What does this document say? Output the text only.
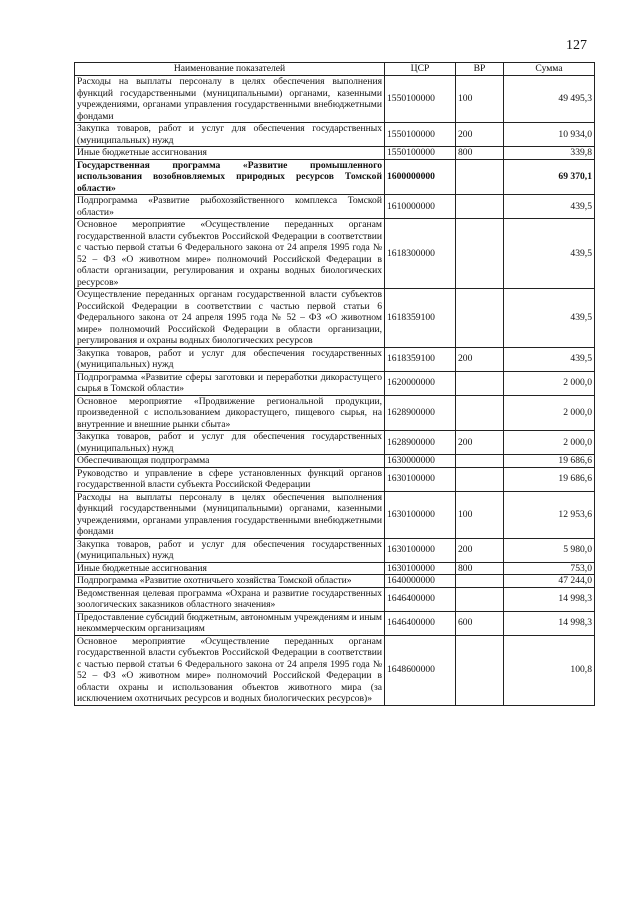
127
Наименование показателей	ЦСР	ВР	Сумма
Расходы на выплаты персоналу в целях обеспечения выполнения функций государственными (муниципальными) органами, казенными учреждениями, органами управления государственными внебюджетными фондами	1550100000	100	49 495,3
Закупка товаров, работ и услуг для обеспечения государственных (муниципальных) нужд	1550100000	200	10 934,0
Иные бюджетные ассигнования	1550100000	800	339,8
Государственная программа «Развитие промышленного использования возобновляемых природных ресурсов Томской области»	1600000000		69 370,1
Подпрограмма «Развитие рыбохозяйственного комплекса Томской области»	1610000000		439,5
Основное мероприятие «Осуществление переданных органам государственной власти субъектов Российской Федерации в соответствии с частью первой статьи 6 Федерального закона от 24 апреля 1995 года № 52 – ФЗ «О животном мире» полномочий Российской Федерации в области организации, регулирования и охраны водных биологических ресурсов»	1618300000		439,5
Осуществление переданных органам государственной власти субъектов Российской Федерации в соответствии с частью первой статьи 6 Федерального закона от 24 апреля 1995 года № 52 – ФЗ «О животном мире» полномочий Российской Федерации в области организации, регулирования и охраны водных биологических ресурсов	1618359100		439,5
Закупка товаров, работ и услуг для обеспечения государственных (муниципальных) нужд	1618359100	200	439,5
Подпрограмма «Развитие сферы заготовки и переработки дикорастущего сырья в Томской области»	1620000000		2 000,0
Основное мероприятие «Продвижение региональной продукции, произведенной с использованием дикорастущего, пищевого сырья, на внутренние и внешние рынки сбыта»	1628900000		2 000,0
Закупка товаров, работ и услуг для обеспечения государственных (муниципальных) нужд	1628900000	200	2 000,0
Обеспечивающая подпрограмма	1630000000		19 686,6
Руководство и управление в сфере установленных функций органов государственной власти субъекта Российской Федерации	1630100000		19 686,6
Расходы на выплаты персоналу в целях обеспечения выполнения функций государственными (муниципальными) органами, казенными учреждениями, органами управления государственными внебюджетными фондами	1630100000	100	12 953,6
Закупка товаров, работ и услуг для обеспечения государственных (муниципальных) нужд	1630100000	200	5 980,0
Иные бюджетные ассигнования	1630100000	800	753,0
Подпрограмма «Развитие охотничьего хозяйства Томской области»	1640000000		47 244,0
Ведомственная целевая программа «Охрана и развитие государственных зоологических заказников областного значения»	1646400000		14 998,3
Предоставление субсидий бюджетным, автономным учреждениям и иным некоммерческим организациям	1646400000	600	14 998,3
Основное мероприятие «Осуществление переданных органам государственной власти субъектов Российской Федерации в соответствии с частью первой статьи 6 Федерального закона от 24 апреля 1995 года № 52 – ФЗ «О животном мире» полномочий Российской Федерации в области охраны и использования объектов животного мира (за исключением охотничьих ресурсов и водных биологических ресурсов)»	1648600000		100,8
